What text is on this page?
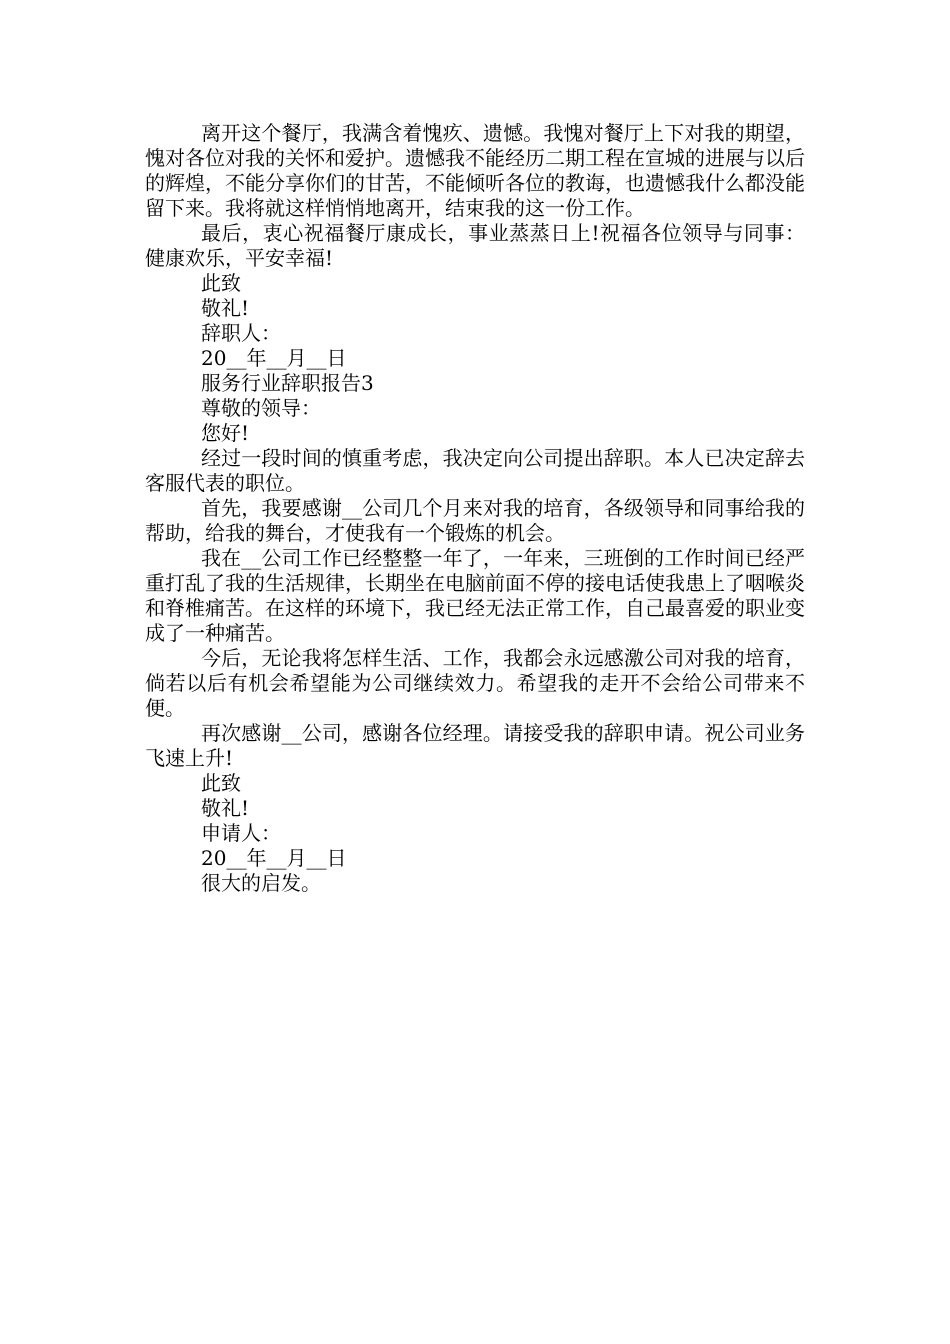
离开这个餐厅，我满含着愧疚、遗憾。我愧对餐厅上下对我的期望，愧对各位对我的关怀和爱护。遗憾我不能经历二期工程在宣城的进展与以后的辉煌，不能分享你们的甘苦，不能倾听各位的教诲，也遗憾我什么都没能留下来。我将就这样悄悄地离开，结束我的这一份工作。

最后，衷心祝福餐厅康成长，事业蒸蒸日上!祝福各位领导与同事：健康欢乐，平安幸福!

此致

敬礼!

辞职人：

20__年__月__日

服务行业辞职报告3

尊敬的领导：

您好!

经过一段时间的慎重考虑，我决定向公司提出辞职。本人已决定辞去客服代表的职位。

首先，我要感谢__公司几个月来对我的培育，各级领导和同事给我的帮助，给我的舞台，才使我有一个锻炼的机会。

我在__公司工作已经整整一年了，一年来，三班倒的工作时间已经严重打乱了我的生活规律，长期坐在电脑前面不停的接电话使我患上了咽喉炎和脊椎痛苦。在这样的环境下，我已经无法正常工作，自己最喜爱的职业变成了一种痛苦。

今后，无论我将怎样生活、工作，我都会永远感激公司对我的培育，倘若以后有机会希望能为公司继续效力。希望我的走开不会给公司带来不便。

再次感谢__公司，感谢各位经理。请接受我的辞职申请。祝公司业务飞速上升!

此致

敬礼!

申请人：

20__年__月__日

很大的启发。
